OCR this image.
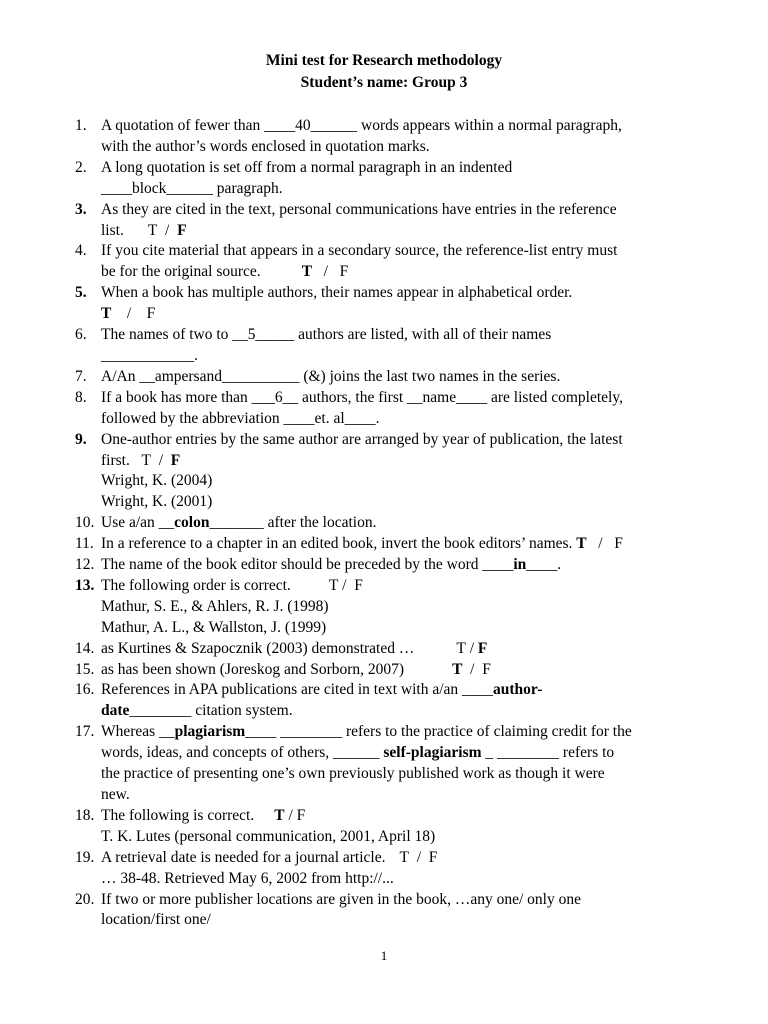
Mini test for Research methodology
Student’s name: Group 3
1. A quotation of fewer than ____40______ words appears within a normal paragraph,
with the author’s words enclosed in quotation marks.
2. A long quotation is set off from a normal paragraph in an indented
____block______ paragraph.
3. As they are cited in the text, personal communications have entries in the reference
list. T / F
4. If you cite material that appears in a secondary source, the reference-list entry must
be for the original source.	T / F
5. When a book has multiple authors, their names appear in alphabetical order.
T / F
6. The names of two to __5_____ authors are listed, with all of their names
____________.
7. A/An __ampersand__________ (&) joins the last two names in the series.
8. If a book has more than ___6__ authors, the first __name____ are listed completely,
followed by the abbreviation ____et. al____.
9. One-author entries by the same author are arranged by year of publication, the latest
first. T / F
Wright, K. (2004)
Wright, K. (2001)
10. Use a/an __colon_______ after the location.
11. In a reference to a chapter in an edited book, invert the book editors’ names. T / F
12. The name of the book editor should be preceded by the word ____in____.
13. The following order is correct. T / F
Mathur, S. E., & Ahlers, R. J. (1998)
Mathur, A. L., & Wallston, J. (1999)
14. as Kurtines & Szapocznik (2003) demonstrated …	T / F
15. as has been shown (Joreskog and Sorborn, 2007)	T / F
16. References in APA publications are cited in text with a/an ____author-
date________ citation system.
17. Whereas __plagiarism____ ________ refers to the practice of claiming credit for the
words, ideas, and concepts of others, ______ self-plagiarism _ ________ refers to
the practice of presenting one’s own previously published work as though it were
new.
18. The following is correct. T / F
T. K. Lutes (personal communication, 2001, April 18)
19. A retrieval date is needed for a journal article. T / F
… 38-48. Retrieved May 6, 2002 from http://...
20. If two or more publisher locations are given in the book, …any one/ only one
location/first one/
1
